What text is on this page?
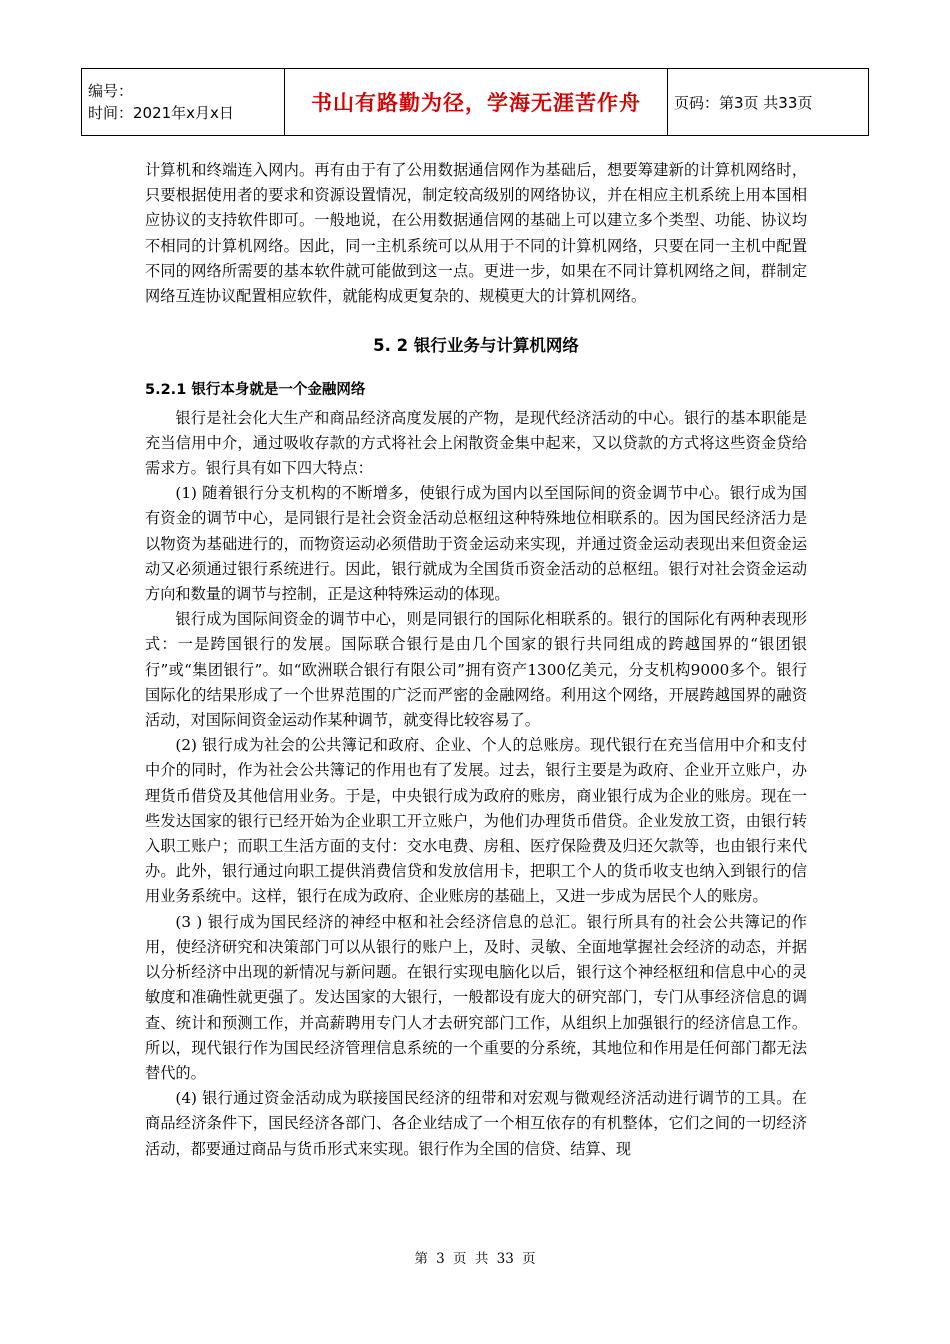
编号：
时间：2021年x月x日	书山有路勤为径，学海无涯苦作舟	页码：第3页 共33页

计算机和终端连入网内。再有由于有了公用数据通信网作为基础后，想要筹建新的计算机网络时，只要根据使用者的要求和资源设置情况，制定较高级别的网络协议，并在相应主机系统上用本国相应协议的支持软件即可。一般地说，在公用数据通信网的基础上可以建立多个类型、功能、协议均不相同的计算机网络。因此，同一主机系统可以从用于不同的计算机网络，只要在同一主机中配置不同的网络所需要的基本软件就可能做到这一点。更进一步，如果在不同计算机网络之间，群制定网络互连协议配置相应软件，就能构成更复杂的、规模更大的计算机网络。

5. 2 银行业务与计算机网络

5.2.1 银行本身就是一个金融网络

银行是社会化大生产和商品经济高度发展的产物，是现代经济活动的中心。银行的基本职能是充当信用中介，通过吸收存款的方式将社会上闲散资金集中起来，又以贷款的方式将这些资金贷给需求方。银行具有如下四大特点：

(1) 随着银行分支机构的不断增多，使银行成为国内以至国际间的资金调节中心。银行成为国有资金的调节中心，是同银行是社会资金活动总枢纽这种特殊地位相联系的。因为国民经济活力是以物资为基础进行的，而物资运动必须借助于资金运动来实现，并通过资金运动表现出来但资金运动又必须通过银行系统进行。因此，银行就成为全国货币资金活动的总枢纽。银行对社会资金运动方向和数量的调节与控制，正是这种特殊运动的体现。

银行成为国际间资金的调节中心，则是同银行的国际化相联系的。银行的国际化有两种表现形式：一是跨国银行的发展。国际联合银行是由几个国家的银行共同组成的跨越国界的“银团银行”或“集团银行”。如“欧洲联合银行有限公司”拥有资产1300亿美元，分支机构9000多个。银行国际化的结果形成了一个世界范围的广泛而严密的金融网络。利用这个网络，开展跨越国界的融资活动，对国际间资金运动作某种调节，就变得比较容易了。

(2) 银行成为社会的公共簿记和政府、企业、个人的总账房。现代银行在充当信用中介和支付中介的同时，作为社会公共簿记的作用也有了发展。过去，银行主要是为政府、企业开立账户，办理货币借贷及其他信用业务。于是，中央银行成为政府的账房，商业银行成为企业的账房。现在一些发达国家的银行已经开始为企业职工开立账户，为他们办理货币借贷。企业发放工资，由银行转入职工账户；而职工生活方面的支付：交水电费、房租、医疗保险费及归还欠款等，也由银行来代办。此外，银行通过向职工提供消费信贷和发放信用卡，把职工个人的货币收支也纳入到银行的信用业务系统中。这样，银行在成为政府、企业账房的基础上，又进一步成为居民个人的账房。

(3 ) 银行成为国民经济的神经中枢和社会经济信息的总汇。银行所具有的社会公共簿记的作用，使经济研究和决策部门可以从银行的账户上，及时、灵敏、全面地掌握社会经济的动态，并据以分析经济中出现的新情况与新问题。在银行实现电脑化以后，银行这个神经枢纽和信息中心的灵敏度和准确性就更强了。发达国家的大银行，一般都设有庞大的研究部门，专门从事经济信息的调查、统计和预测工作，并高薪聘用专门人才去研究部门工作，从组织上加强银行的经济信息工作。所以，现代银行作为国民经济管理信息系统的一个重要的分系统，其地位和作用是任何部门都无法替代的。

(4) 银行通过资金活动成为联接国民经济的纽带和对宏观与微观经济活动进行调节的工具。在商品经济条件下，国民经济各部门、各企业结成了一个相互依存的有机整体，它们之间的一切经济活动，都要通过商品与货币形式来实现。银行作为全国的信贷、结算、现

第 3 页 共 33 页
